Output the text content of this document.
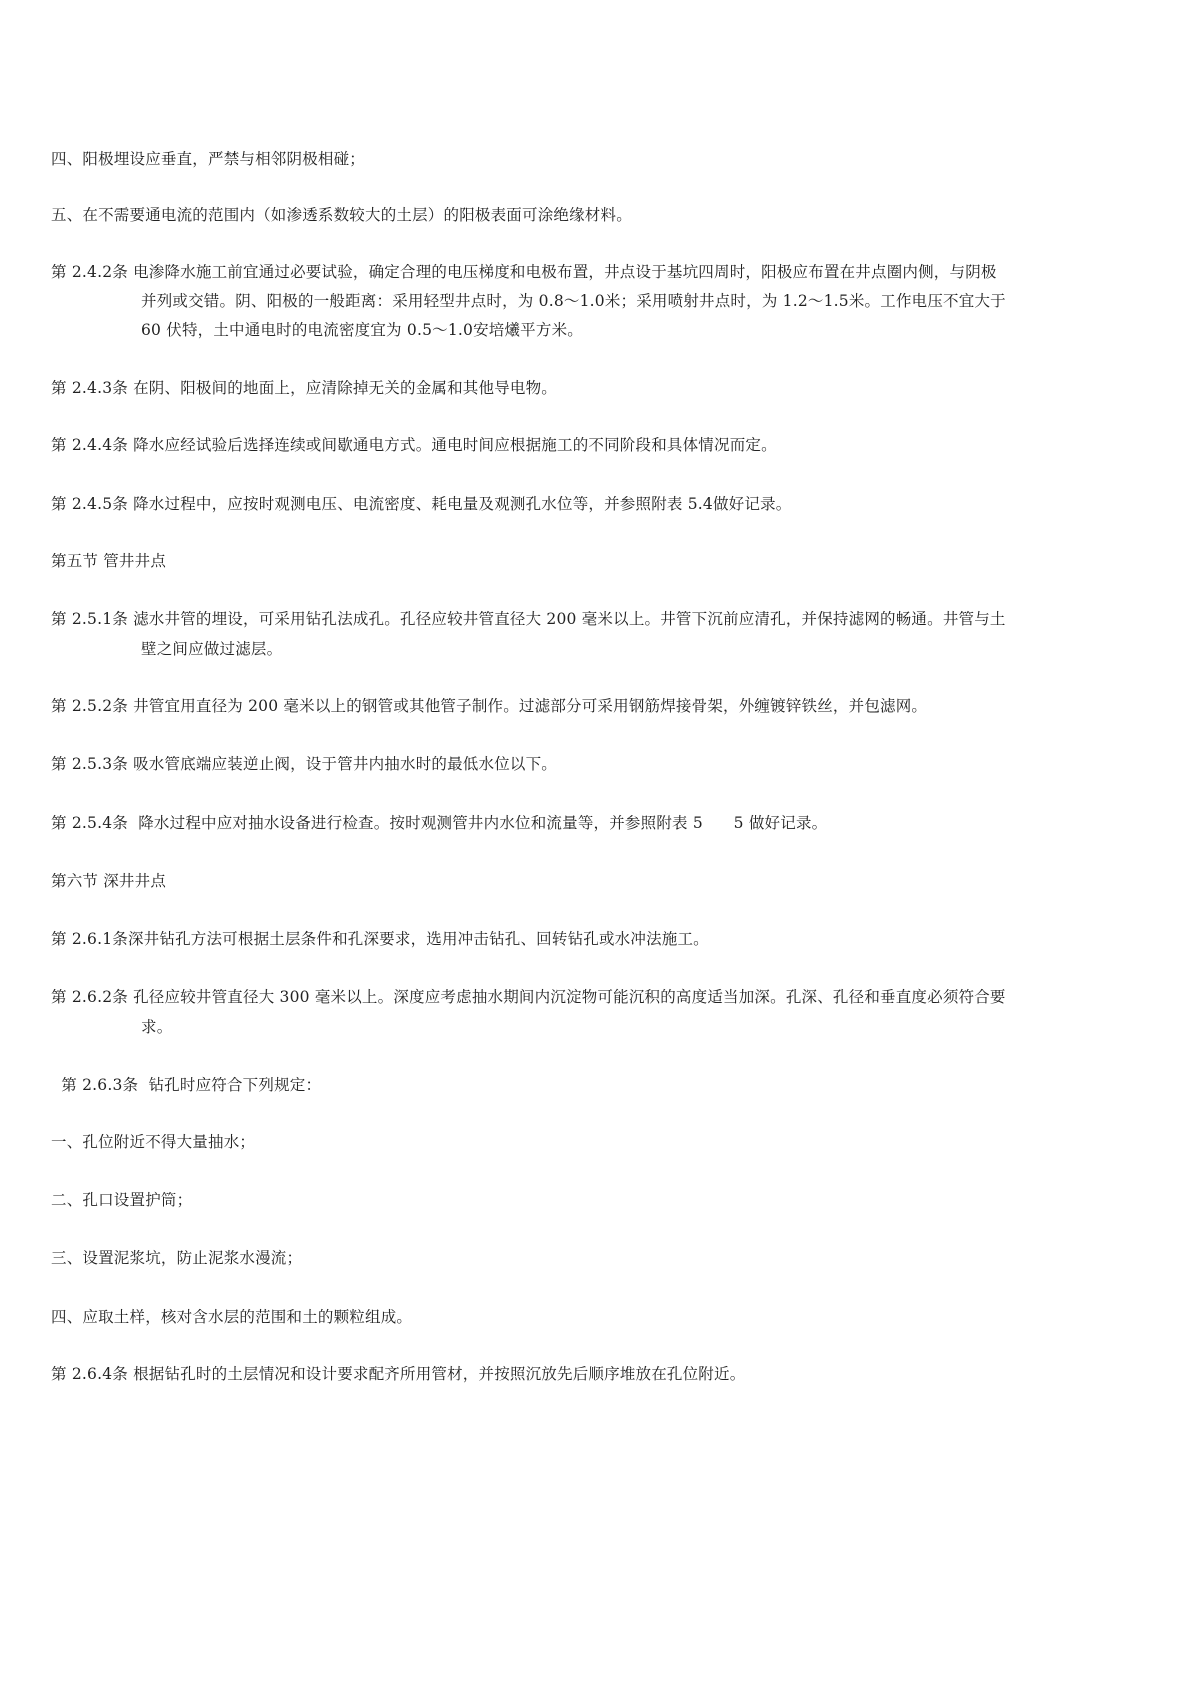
四、阳极埋设应垂直，严禁与相邻阴极相碰；
五、在不需要通电流的范围内（如渗透系数较大的土层）的阳极表面可涂绝缘材料。
第 2.4.2条 电渗降水施工前宜通过必要试验，确定合理的电压梯度和电极布置，井点设于基坑四周时，阳极应布置在井点圈内侧，与阴极
并列或交错。阴、阳极的一般距离：采用轻型井点时，为 0.8～1.0米；采用喷射井点时，为 1.2～1.5米。工作电压不宜大于
60 伏特，土中通电时的电流密度宜为 0.5～1.0安培爔平方米。
第 2.4.3条 在阴、阳极间的地面上，应清除掉无关的金属和其他导电物。
第 2.4.4条 降水应经试验后选择连续或间歇通电方式。通电时间应根据施工的不同阶段和具体情况而定。
第 2.4.5条 降水过程中，应按时观测电压、电流密度、耗电量及观测孔水位等，并参照附表 5.4做好记录。
第五节 管井井点
第 2.5.1条 滤水井管的埋设，可采用钻孔法成孔。孔径应较井管直径大 200 毫米以上。井管下沉前应清孔，并保持滤网的畅通。井管与土
壁之间应做过滤层。
第 2.5.2条 井管宜用直径为 200 毫米以上的钢管或其他管子制作。过滤部分可采用钢筋焊接骨架，外缠镀锌铁丝，并包滤网。
第 2.5.3条 吸水管底端应装逆止阀，设于管井内抽水时的最低水位以下。
第 2.5.4条  降水过程中应对抽水设备进行检查。按时观测管井内水位和流量等，并参照附表 5      5 做好记录。
第六节 深井井点
第 2.6.1条深井钻孔方法可根据土层条件和孔深要求，选用冲击钻孔、回转钻孔或水冲法施工。
第 2.6.2条 孔径应较井管直径大 300 毫米以上。深度应考虑抽水期间内沉淀物可能沉积的高度适当加深。孔深、孔径和垂直度必须符合要
求。
第 2.6.3条  钻孔时应符合下列规定：
一、孔位附近不得大量抽水；
二、孔口设置护筒；
三、设置泥浆坑，防止泥浆水漫流；
四、应取土样，核对含水层的范围和土的颗粒组成。
第 2.6.4条 根据钻孔时的土层情况和设计要求配齐所用管材，并按照沉放先后顺序堆放在孔位附近。
